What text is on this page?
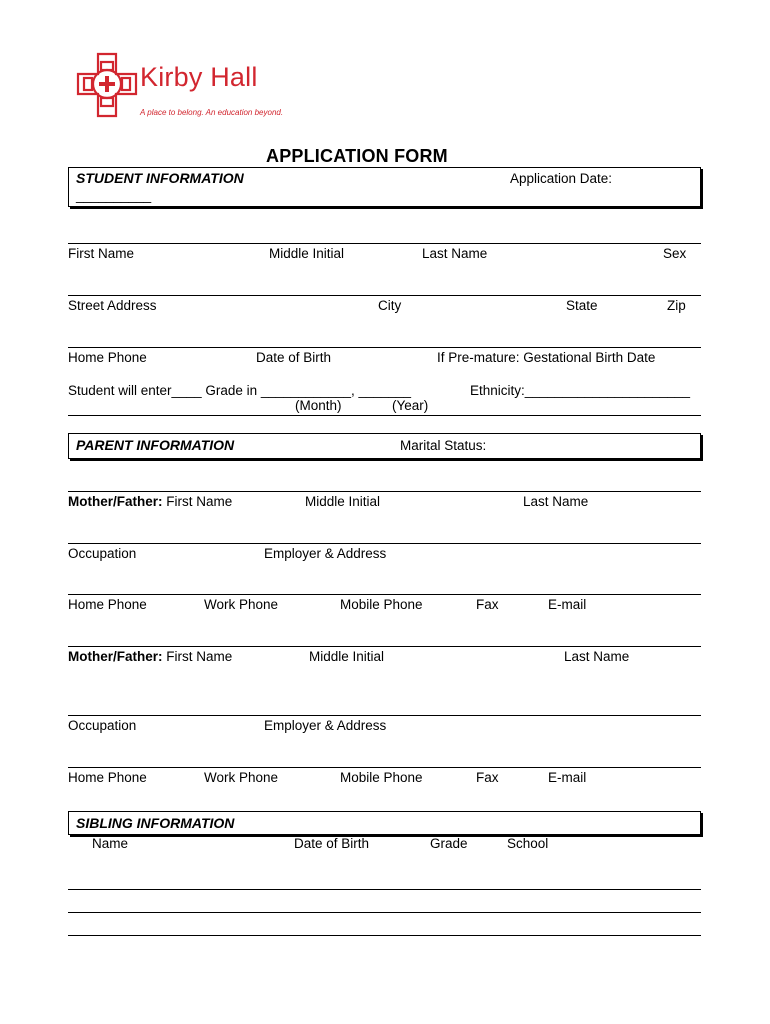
Kirby Hall
A place to belong. An education beyond.
APPLICATION FORM
STUDENT INFORMATION	Application Date:
__________
First Name	Middle Initial	Last Name	Sex
Street Address	City	State	Zip
Home Phone	Date of Birth	If Pre-mature: Gestational Birth Date
Student will enter____ Grade in ____________, _______
(Month)	(Year)
Ethnicity:______________________
PARENT INFORMATION	Marital Status:
Mother/Father: First Name	Middle Initial	Last Name
Occupation	Employer & Address
Home Phone	Work Phone	Mobile Phone	Fax	E-mail
Mother/Father: First Name	Middle Initial	Last Name
Occupation	Employer & Address
Home Phone	Work Phone	Mobile Phone	Fax	E-mail
SIBLING INFORMATION
Name	Date of Birth	Grade	School
